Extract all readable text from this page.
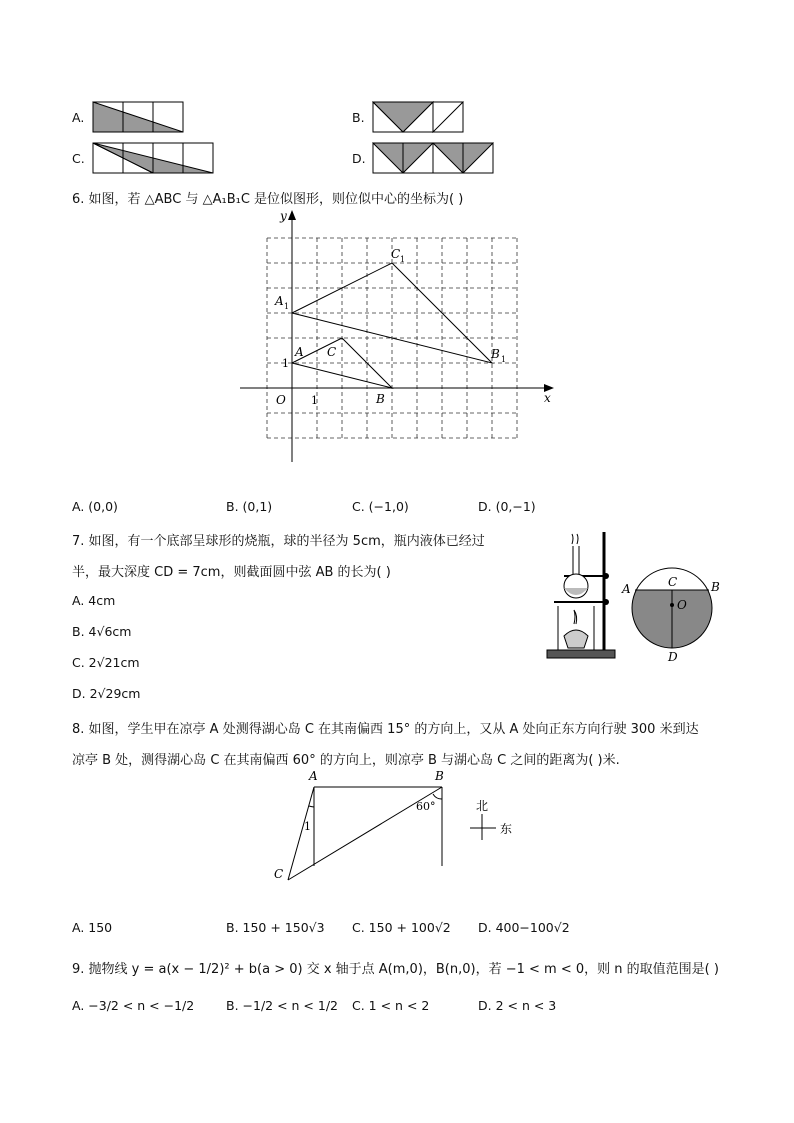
A.	B.
C.	D.
6. 如图，若 △ABC 与 △A₁B₁C 是位似图形，则位似中心的坐标为( )
y
x
O 1
1
A C
B
A 1
C 1
B 1
A. (0,0)	B. (0,1)	C. (−1,0)	D. (0,−1)
7. 如图，有一个底部呈球形的烧瓶，球的半径为 5cm，瓶内液体已经过
半，最大深度 CD = 7cm，则截面圆中弦 AB 的长为( )
A. 4cm
B. 4√6cm
C. 2√21cm
D. 2√29cm
A	C	B
O
D
8. 如图，学生甲在凉亭 A 处测得湖心岛 C 在其南偏西 15° 的方向上，又从 A 处向正东方向行驶 300 米到达
凉亭 B 处，测得湖心岛 C 在其南偏西 60° 的方向上，则凉亭 B 与湖心岛 C 之间的距离为( )米.
A	B
C
1
60°	北
东
A. 150	B. 150 + 150√3 C. 150 + 100√2 D. 400−100√2
9. 抛物线 y = a(x − 1/2)² + b(a > 0) 交 x 轴于点 A(m,0)，B(n,0)，若 −1 < m < 0，则 n 的取值范围是( )
A. −3/2 < n < −1/2	B. −1/2 < n < 1/2 C. 1 < n < 2	D. 2 < n < 3
